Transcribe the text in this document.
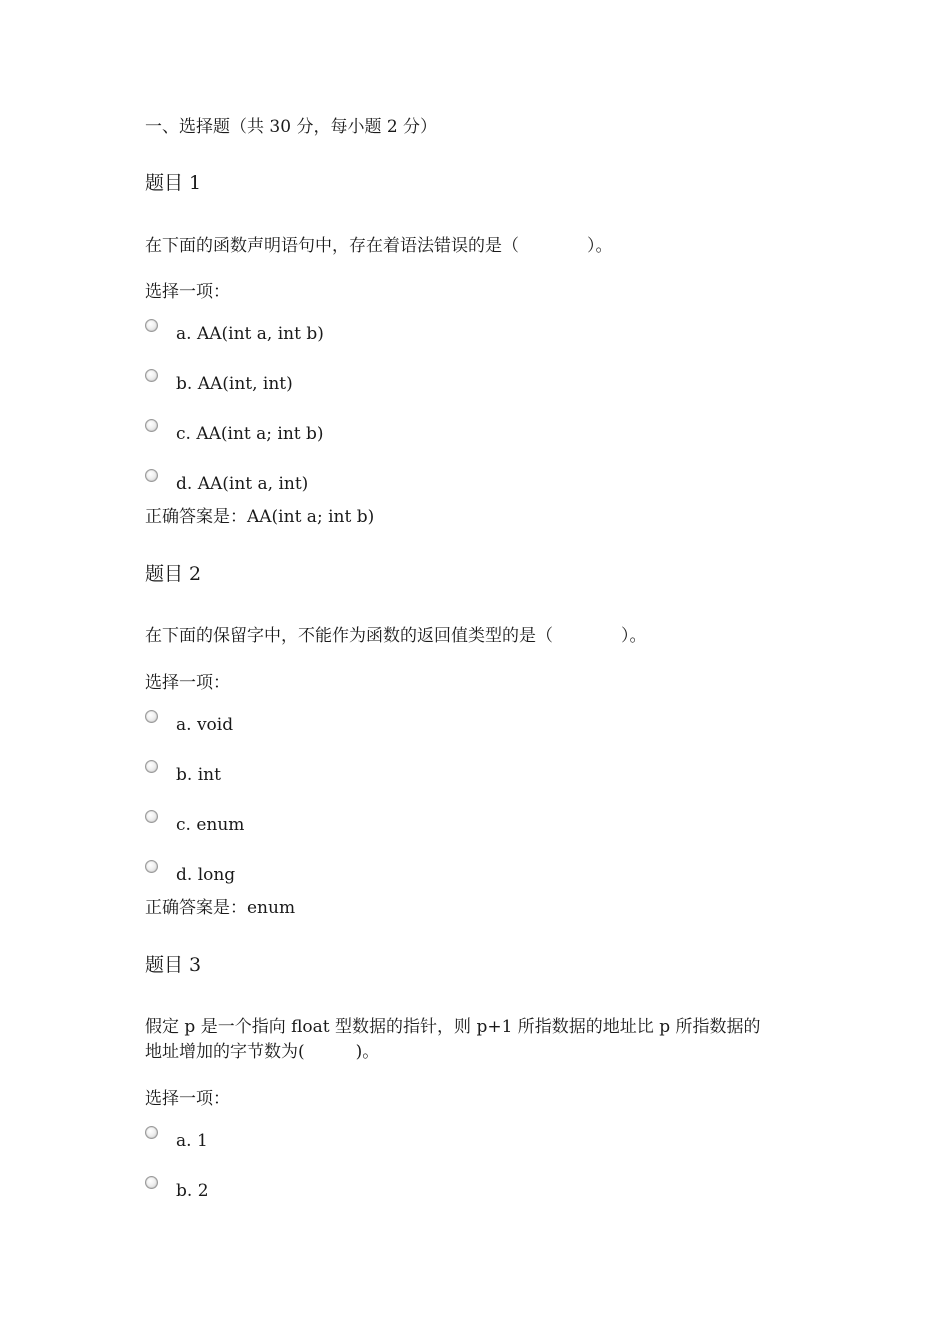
一、选择题（共 30 分，每小题 2 分）
题目 1
在下面的函数声明语句中，存在着语法错误的是（　　　　）。
选择一项：
a. AA(int a, int b)
b. AA(int, int)
c. AA(int a; int b)
d. AA(int a, int)
正确答案是：AA(int a; int b)
题目 2
在下面的保留字中，不能作为函数的返回值类型的是（　　　　）。
选择一项：
a. void
b. int
c. enum
d. long
正确答案是：enum
题目 3
假定 p 是一个指向 float 型数据的指针，则 p+1 所指数据的地址比 p 所指数据的
地址增加的字节数为(　　　)。
选择一项：
a. 1
b. 2
